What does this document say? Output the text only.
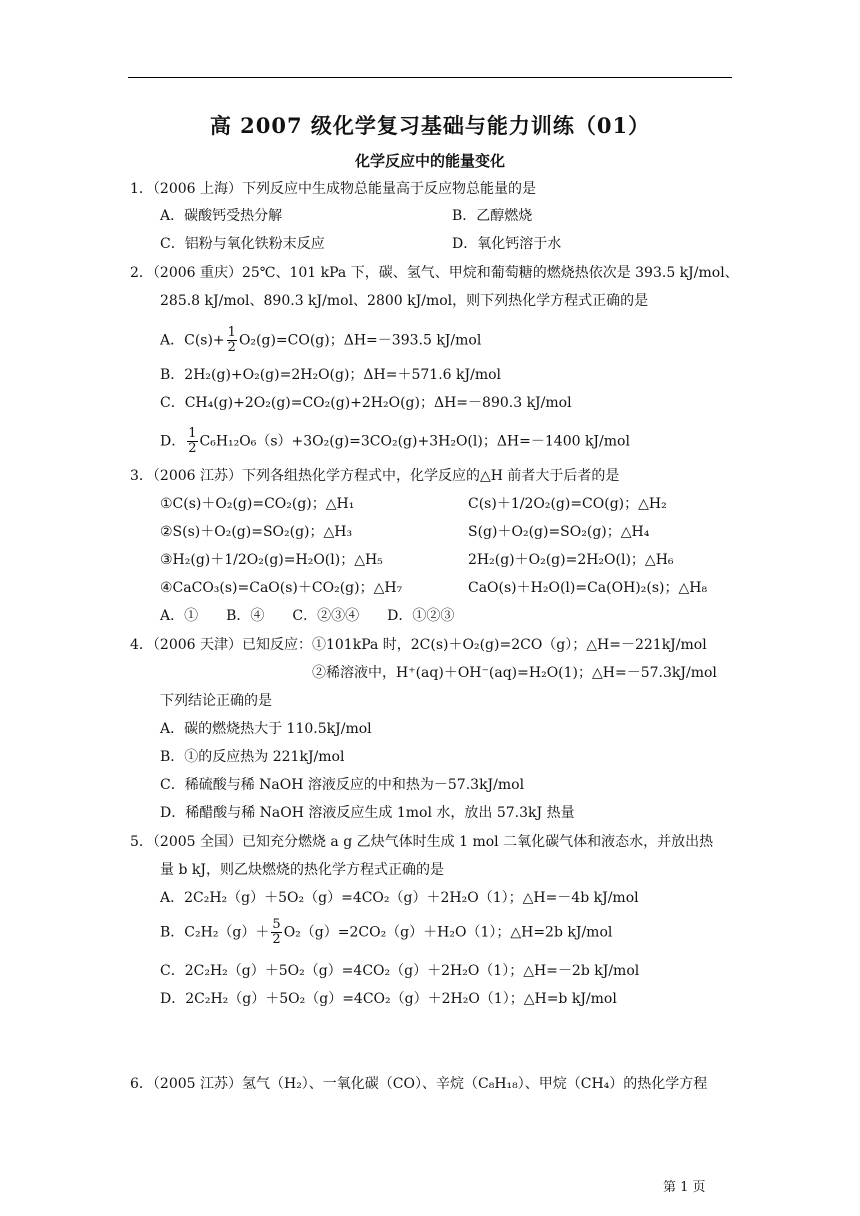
高 2007 级化学复习基础与能力训练（01）
化学反应中的能量变化
1．（2006 上海）下列反应中生成物总能量高于反应物总能量的是
A．碳酸钙受热分解	B．乙醇燃烧
C．铝粉与氧化铁粉末反应	D．氧化钙溶于水
2．（2006 重庆）25℃、101 kPa 下，碳、氢气、甲烷和葡萄糖的燃烧热依次是 393.5 kJ/mol、
285.8 kJ/mol、890.3 kJ/mol、2800 kJ/mol，则下列热化学方程式正确的是
A．$C(s)+ \frac{1}{2} O_2(g)=CO(g)$；ΔH=－393.5 kJ/mol
B．2H₂(g)+O₂(g)=2H₂O(g)；ΔH=＋571.6 kJ/mol
C．CH₄(g)+2O₂(g)=CO₂(g)+2H₂O(g)；ΔH=－890.3 kJ/mol
D． $\frac{1}{2} C_6H_{12}O_6(s)+3O_2(g)=3CO_2(g)+3H_2O(l)$；ΔH=－1400 kJ/mol
3．（2006 江苏）下列各组热化学方程式中，化学反应的△H 前者大于后者的是
①C(s)＋O₂(g)=CO₂(g)；△H₁	C(s)＋1/2O₂(g)=CO(g)；△H₂
②S(s)＋O₂(g)=SO₂(g)；△H₃	S(g)＋O₂(g)=SO₂(g)；△H₄
③H₂(g)＋1/2O₂(g)=H₂O(l)；△H₅	2H₂(g)＋O₂(g)=2H₂O(l)；△H₆
④CaCO₃(s)=CaO(s)＋CO₂(g)；△H₇	CaO(s)＋H₂O(l)=Ca(OH)₂(s)；△H₈
A．①　　B．④　　C．②③④　　D．①②③
4．（2006 天津）已知反应：①101kPa 时，2C(s)＋O₂(g)=2CO（g）；△H=－221kJ/mol
②稀溶液中，H⁺(aq)＋OH⁻(aq)=H₂O(1)；△H=－57.3kJ/mol
下列结论正确的是
A．碳的燃烧热大于 110.5kJ/mol
B．①的反应热为 221kJ/mol
C．稀硫酸与稀 NaOH 溶液反应的中和热为－57.3kJ/mol
D．稀醋酸与稀 NaOH 溶液反应生成 1mol 水，放出 57.3kJ 热量
5．（2005 全国）已知充分燃烧 a g 乙炔气体时生成 1 mol 二氧化碳气体和液态水，并放出热
量 b kJ，则乙炔燃烧的热化学方程式正确的是
A．2C₂H₂（g）＋5O₂（g）=4CO₂（g）＋2H₂O（1）；△H=－4b kJ/mol
B．$C_2H_2(g)+ \frac{5}{2} O_2(g)=2CO_2(g)+H_2O(1)$；△H=2b kJ/mol
C．2C₂H₂（g）＋5O₂（g）=4CO₂（g）＋2H₂O（1）；△H=－2b kJ/mol
D．2C₂H₂（g）＋5O₂（g）=4CO₂（g）＋2H₂O（1）；△H=b kJ/mol
6．（2005 江苏）氢气（H₂）、一氧化碳（CO）、辛烷（C₈H₁₈）、甲烷（CH₄）的热化学方程
第 1 页
